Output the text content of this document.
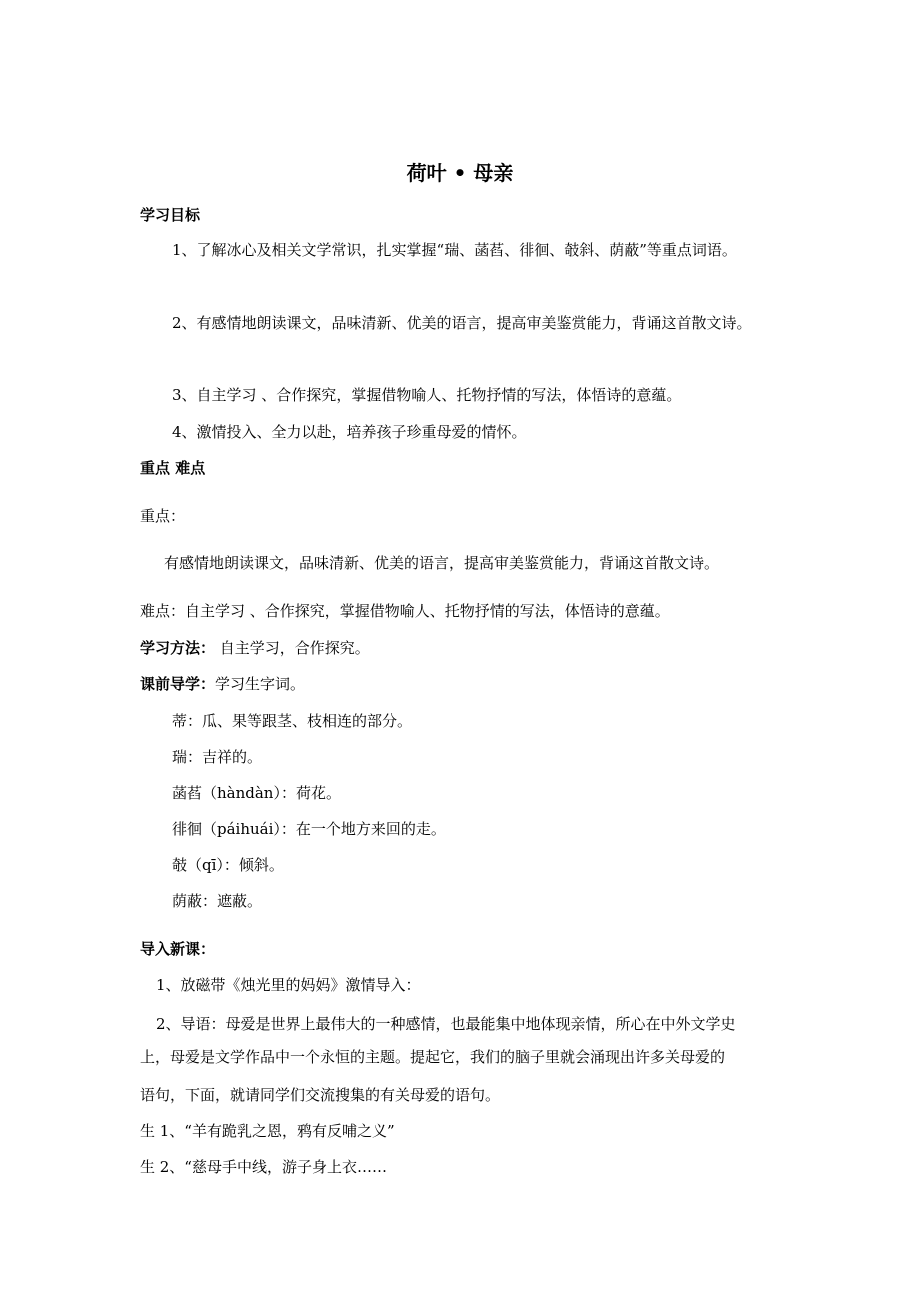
荷叶 • 母亲
学习目标
1、了解冰心及相关文学常识，扎实掌握“瑞、菡萏、徘徊、攲斜、荫蔽”等重点词语。
2、有感情地朗读课文，品味清新、优美的语言，提高审美鉴赏能力，背诵这首散文诗。
3、自主学习 、合作探究，掌握借物喻人、托物抒情的写法，体悟诗的意蕴。
4、激情投入、全力以赴，培养孩子珍重母爱的情怀。
重点 难点
重点：
有感情地朗读课文，品味清新、优美的语言，提高审美鉴赏能力，背诵这首散文诗。
难点：自主学习 、合作探究，掌握借物喻人、托物抒情的写法，体悟诗的意蕴。
学习方法： 自主学习，合作探究。
课前导学：学习生字词。
蒂：瓜、果等跟茎、枝相连的部分。
瑞：吉祥的。
菡萏（hàndàn）：荷花。
徘徊（páihuái）：在一个地方来回的走。
攲（qī）：倾斜。
荫蔽：遮蔽。
导入新课：
1、放磁带《烛光里的妈妈》激情导入：
2、导语：母爱是世界上最伟大的一种感情，也最能集中地体现亲情，所心在中外文学史
上，母爱是文学作品中一个永恒的主题。提起它，我们的脑子里就会涌现出许多关母爱的
语句，下面，就请同学们交流搜集的有关母爱的语句。
生 1、“羊有跪乳之恩，鸦有反哺之义”
生 2、“慈母手中线，游子身上衣……
